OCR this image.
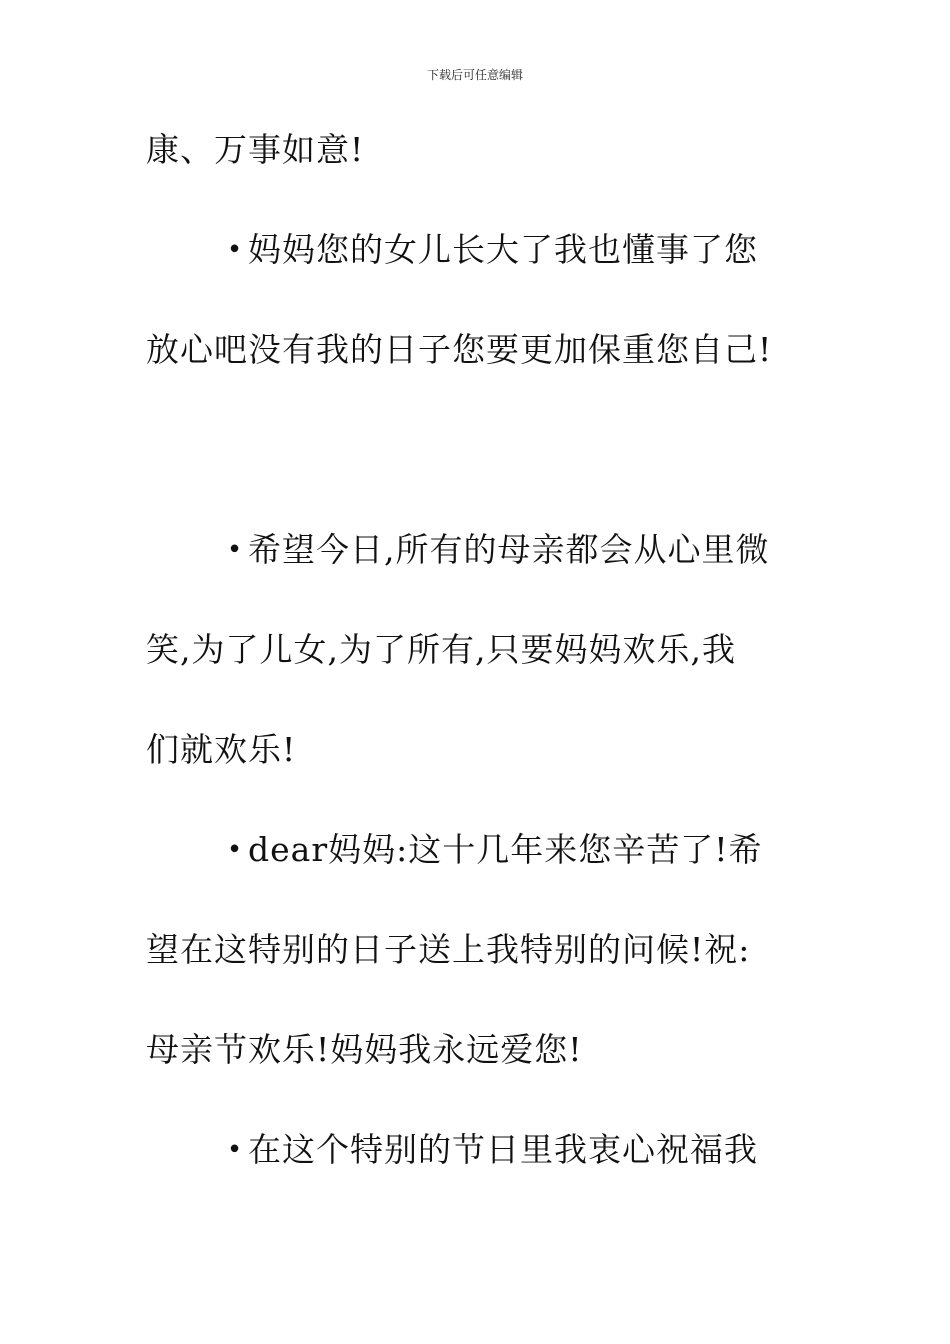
下载后可任意编辑
康、万事如意!
• 妈妈您的女儿长大了我也懂事了您
放心吧没有我的日子您要更加保重您自己!
• 希望今日,所有的母亲都会从心里微
笑,为了儿女,为了所有,只要妈妈欢乐,我
们就欢乐!
• dear妈妈:这十几年来您辛苦了!希
望在这特别的日子送上我特别的问候!祝:
母亲节欢乐!妈妈我永远爱您!
• 在这个特别的节日里我衷心祝福我
